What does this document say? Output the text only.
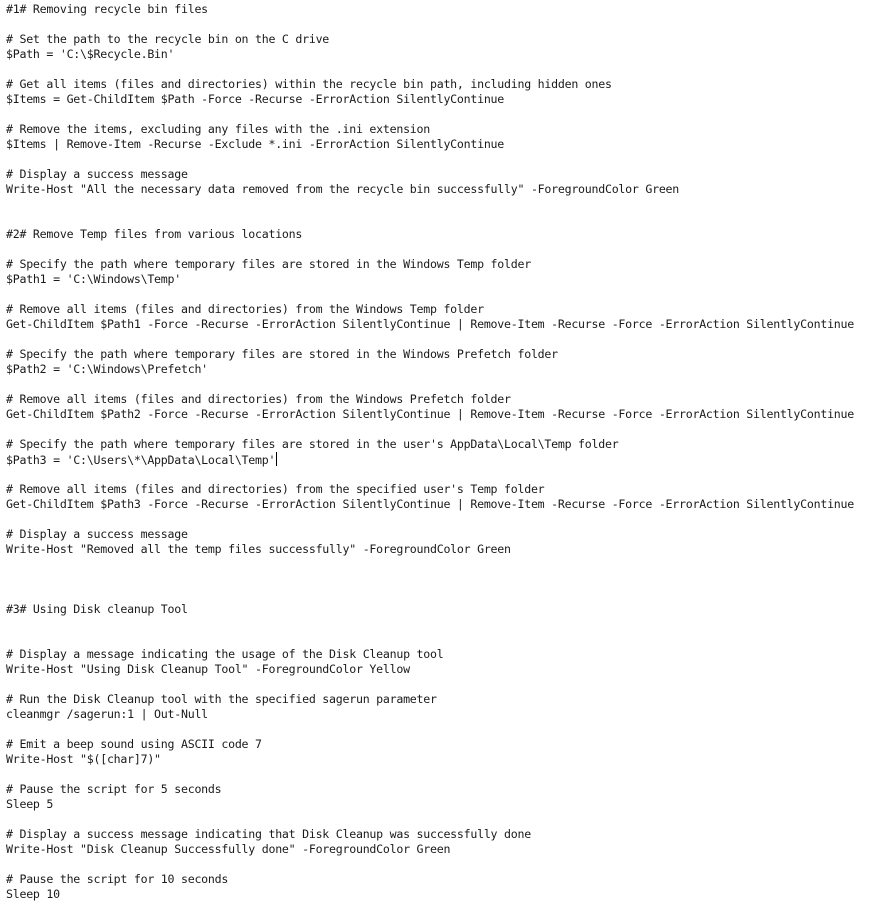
#1# Removing recycle bin files
# Set the path to the recycle bin on the C drive
$Path = 'C:\$Recycle.Bin'
# Get all items (files and directories) within the recycle bin path, including hidden ones
$Items = Get-ChildItem $Path -Force -Recurse -ErrorAction SilentlyContinue
# Remove the items, excluding any files with the .ini extension
$Items | Remove-Item -Recurse -Exclude *.ini -ErrorAction SilentlyContinue
# Display a success message
Write-Host "All the necessary data removed from the recycle bin successfully" -ForegroundColor Green
#2# Remove Temp files from various locations
# Specify the path where temporary files are stored in the Windows Temp folder
$Path1 = 'C:\Windows\Temp'
# Remove all items (files and directories) from the Windows Temp folder
Get-ChildItem $Path1 -Force -Recurse -ErrorAction SilentlyContinue | Remove-Item -Recurse -Force -ErrorAction SilentlyContinue
# Specify the path where temporary files are stored in the Windows Prefetch folder
$Path2 = 'C:\Windows\Prefetch'
# Remove all items (files and directories) from the Windows Prefetch folder
Get-ChildItem $Path2 -Force -Recurse -ErrorAction SilentlyContinue | Remove-Item -Recurse -Force -ErrorAction SilentlyContinue
# Specify the path where temporary files are stored in the user's AppData\Local\Temp folder
$Path3 = 'C:\Users\*\AppData\Local\Temp'
# Remove all items (files and directories) from the specified user's Temp folder
Get-ChildItem $Path3 -Force -Recurse -ErrorAction SilentlyContinue | Remove-Item -Recurse -Force -ErrorAction SilentlyContinue
# Display a success message
Write-Host "Removed all the temp files successfully" -ForegroundColor Green
#3# Using Disk cleanup Tool
# Display a message indicating the usage of the Disk Cleanup tool
Write-Host "Using Disk Cleanup Tool" -ForegroundColor Yellow
# Run the Disk Cleanup tool with the specified sagerun parameter
cleanmgr /sagerun:1 | Out-Null
# Emit a beep sound using ASCII code 7
Write-Host "$([char]7)"
# Pause the script for 5 seconds
Sleep 5
# Display a success message indicating that Disk Cleanup was successfully done
Write-Host "Disk Cleanup Successfully done" -ForegroundColor Green
# Pause the script for 10 seconds
Sleep 10
